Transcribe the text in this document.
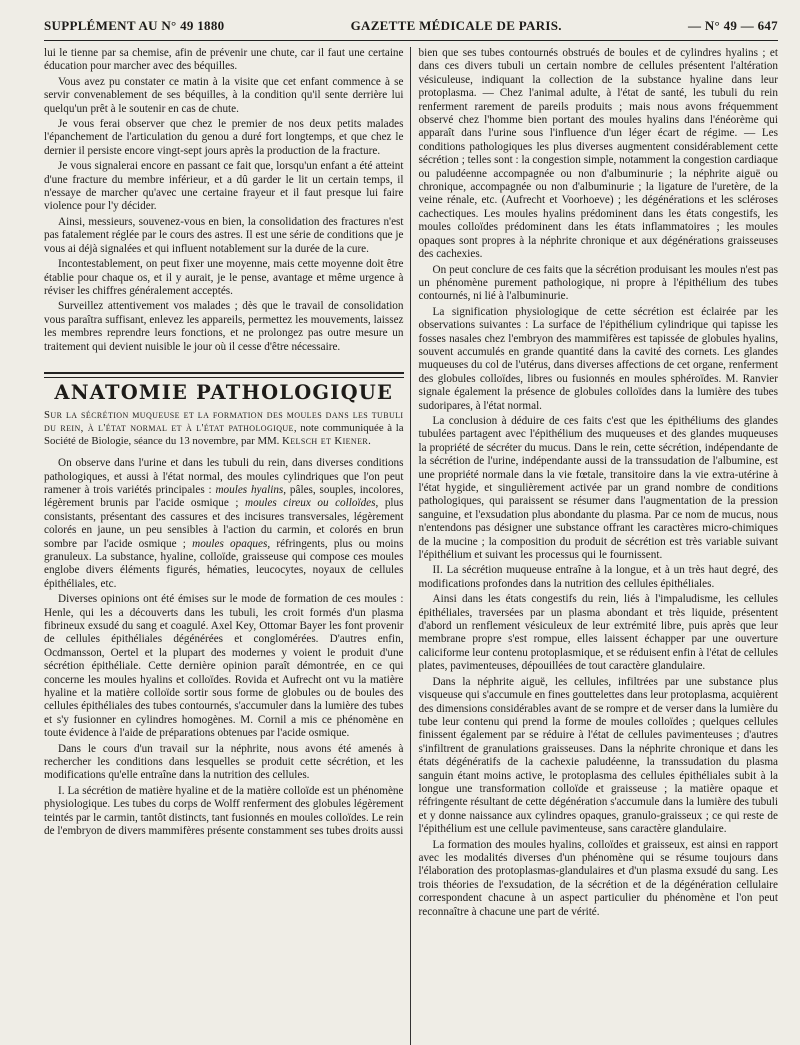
SUPPLÉMENT AU N° 49 1880	GAZETTE MÉDICALE DE PARIS.	— N° 49 — 647

lui le tienne par sa chemise, afin de prévenir une chute, car il faut une certaine éducation pour marcher avec des béquilles.

Vous avez pu constater ce matin à la visite que cet enfant commence à se servir convenablement de ses béquilles, à la condition qu'il sente derrière lui quelqu'un prêt à le soutenir en cas de chute.

Je vous ferai observer que chez le premier de nos deux petits malades l'épanchement de l'articulation du genou a duré fort longtemps, et que chez le dernier il persiste encore vingt-sept jours après la production de la fracture.

Je vous signalerai encore en passant ce fait que, lorsqu'un enfant a été atteint d'une fracture du membre inférieur, et a dû garder le lit un certain temps, il n'essaye de marcher qu'avec une certaine frayeur et il faut presque lui faire violence pour l'y décider.

Ainsi, messieurs, souvenez-vous en bien, la consolidation des fractures n'est pas fatalement réglée par le cours des astres. Il est une série de conditions que je vous ai déjà signalées et qui influent notablement sur la durée de la cure.

Incontestablement, on peut fixer une moyenne, mais cette moyenne doit être établie pour chaque os, et il y aurait, je le pense, avantage et même urgence à réviser les chiffres généralement acceptés.

Surveillez attentivement vos malades ; dès que le travail de consolidation vous paraîtra suffisant, enlevez les appareils, permettez les mouvements, laissez les membres reprendre leurs fonctions, et ne prolongez pas outre mesure un traitement qui devient nuisible le jour où il cesse d'être nécessaire.

ANATOMIE PATHOLOGIQUE

Sur la sécrétion muqueuse et la formation des moules dans les tubuli du rein, à l'état normal et à l'état pathologique, note communiquée à la Société de Biologie, séance du 13 novembre, par MM. Kelsch et Kiener.

On observe dans l'urine et dans les tubuli du rein, dans diverses conditions pathologiques, et aussi à l'état normal, des moules cylindriques que l'on peut ramener à trois variétés principales : moules hyalins, pâles, souples, incolores, légèrement brunis par l'acide osmique ; moules cireux ou colloïdes, plus consistants, présentant des cassures et des incisures transversales, légèrement colorés en jaune, un peu sensibles à l'action du carmin, et colorés en brun sombre par l'acide osmique ; moules opaques, réfringents, plus ou moins granuleux. La substance, hyaline, colloïde, graisseuse qui compose ces moules englobe divers éléments figurés, hématies, leucocytes, noyaux de cellules épithéliales, etc.

Diverses opinions ont été émises sur le mode de formation de ces moules : Henle, qui les a découverts dans les tubuli, les croit formés d'un plasma fibrineux exsudé du sang et coagulé. Axel Key, Ottomar Bayer les font provenir de cellules épithéliales dégénérées et conglomérées. D'autres enfin, Ocdmansson, Oertel et la plupart des modernes y voient le produit d'une sécrétion épithéliale. Cette dernière opinion paraît démontrée, en ce qui concerne les moules hyalins et colloïdes. Rovida et Aufrecht ont vu la matière hyaline et la matière colloïde sortir sous forme de globules ou de boules des cellules épithéliales des tubes contournés, s'accumuler dans la lumière des tubes et s'y fusionner en cylindres homogènes. M. Cornil a mis ce phénomène en toute évidence à l'aide de préparations obtenues par l'acide osmique.

Dans le cours d'un travail sur la néphrite, nous avons été amenés à rechercher les conditions dans lesquelles se produit cette sécrétion, et les modifications qu'elle entraîne dans la nutrition des cellules.

I. La sécrétion de matière hyaline et de la matière colloïde est un phénomène physiologique. Les tubes du corps de Wolff renferment des globules légèrement teintés par le carmin, tantôt distincts, tant fusionnés en moules colloïdes. Le rein de l'embryon de divers mammifères présente constamment ses tubes droits aussi

bien que ses tubes contournés obstrués de boules et de cylindres hyalins ; et dans ces divers tubuli un certain nombre de cellules présentent l'altération vésiculeuse, indiquant la collection de la substance hyaline dans leur protoplasma. — Chez l'animal adulte, à l'état de santé, les tubuli du rein renferment rarement de pareils produits ; mais nous avons fréquemment observé chez l'homme bien portant des moules hyalins dans l'énéorème qui apparaît dans l'urine sous l'influence d'un léger écart de régime. — Les conditions pathologiques les plus diverses augmentent considérablement cette sécrétion ; telles sont : la congestion simple, notamment la congestion cardiaque ou paludéenne accompagnée ou non d'albuminurie ; la néphrite aiguë ou chronique, accompagnée ou non d'albuminurie ; la ligature de l'uretère, de la veine rénale, etc. (Aufrecht et Voorhoeve) ; les dégénérations et les scléroses cachectiques. Les moules hyalins prédominent dans les états congestifs, les moules colloïdes prédominent dans les états inflammatoires ; les moules opaques sont propres à la néphrite chronique et aux dégénérations graisseuses des cachexies.

On peut conclure de ces faits que la sécrétion produisant les moules n'est pas un phénomène purement pathologique, ni propre à l'épithélium des tubes contournés, ni lié à l'albuminurie.

La signification physiologique de cette sécrétion est éclairée par les observations suivantes : La surface de l'épithélium cylindrique qui tapisse les fosses nasales chez l'embryon des mammifères est tapissée de globules hyalins, souvent accumulés en grande quantité dans la cavité des cornets. Les glandes muqueuses du col de l'utérus, dans diverses affections de cet organe, renferment des globules colloïdes, libres ou fusionnés en moules sphéroïdes. M. Ranvier signale également la présence de globules colloïdes dans la lumière des tubes sudoripares, à l'état normal.

La conclusion à déduire de ces faits c'est que les épithéliums des glandes tubulées partagent avec l'épithélium des muqueuses et des glandes muqueuses la propriété de sécréter du mucus. Dans le rein, cette sécrétion, indépendante de la sécrétion de l'urine, indépendante aussi de la transsudation de l'albumine, est une propriété normale dans la vie fœtale, transitoire dans la vie extra-utérine à l'état hygide, et singulièrement activée par un grand nombre de conditions pathologiques, qui paraissent se résumer dans l'augmentation de la pression sanguine, et l'exsudation plus abondante du plasma. Par ce nom de mucus, nous n'entendons pas désigner une substance offrant les caractères micro-chimiques de la mucine ; la composition du produit de sécrétion est très variable suivant l'épithélium et suivant les processus qui le fournissent.

II. La sécrétion muqueuse entraîne à la longue, et à un très haut degré, des modifications profondes dans la nutrition des cellules épithéliales.

Ainsi dans les états congestifs du rein, liés à l'impaludisme, les cellules épithéliales, traversées par un plasma abondant et très liquide, présentent d'abord un renflement vésiculeux de leur extrémité libre, puis après que leur membrane propre s'est rompue, elles laissent échapper par une ouverture caliciforme leur contenu protoplasmique, et se réduisent enfin à l'état de cellules plates, pavimenteuses, dépouillées de tout caractère glandulaire.

Dans la néphrite aiguë, les cellules, infiltrées par une substance plus visqueuse qui s'accumule en fines gouttelettes dans leur protoplasma, acquièrent des dimensions considérables avant de se rompre et de verser dans la lumière du tube leur contenu qui prend la forme de moules colloïdes ; quelques cellules finissent également par se réduire à l'état de cellules pavimenteuses ; d'autres s'infiltrent de granulations graisseuses. Dans la néphrite chronique et dans les états dégénératifs de la cachexie paludéenne, la transsudation du plasma sanguin étant moins active, le protoplasma des cellules épithéliales subit à la longue une transformation colloïde et graisseuse ; la matière opaque et réfringente résultant de cette dégénération s'accumule dans la lumière des tubuli et y donne naissance aux cylindres opaques, granulo-graisseux ; ce qui reste de l'épithélium est une cellule pavimenteuse, sans caractère glandulaire.

La formation des moules hyalins, colloïdes et graisseux, est ainsi en rapport avec les modalités diverses d'un phénomène qui se résume toujours dans l'élaboration des protoplasmas-glandulaires et d'un plasma exsudé du sang. Les trois théories de l'exsudation, de la sécrétion et de la dégénération cellulaire correspondent chacune à un aspect particulier du phénomène et l'on peut reconnaître à chacune une part de vérité.
